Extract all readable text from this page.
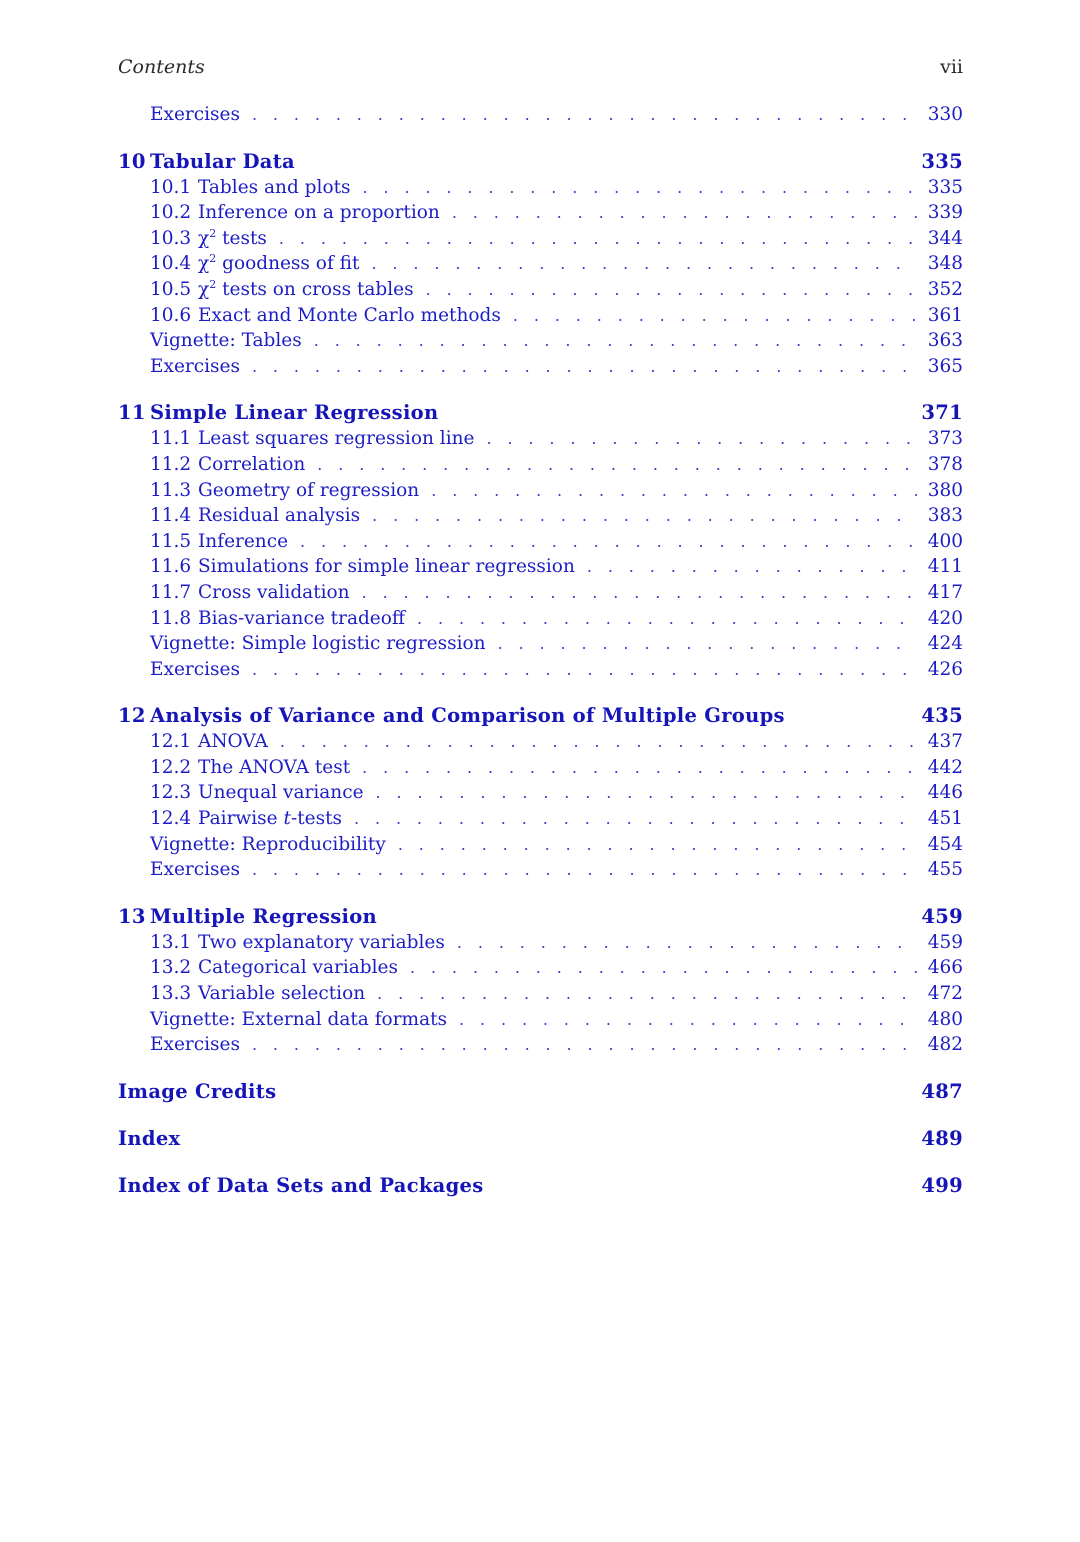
Contents	vii
Exercises . . .	330
10 Tabular Data	335
10.1 Tables and plots . . .	335
10.2 Inference on a proportion . . .	339
10.3 $\chi^2$ tests . . .	344
10.4 $\chi^2$ goodness of fit . . .	348
10.5 $\chi^2$ tests on cross tables . . .	352
10.6 Exact and Monte Carlo methods . . .	361
Vignette: Tables . . .	363
Exercises . . .	365
11 Simple Linear Regression	371
11.1 Least squares regression line . . .	373
11.2 Correlation . . .	378
11.3 Geometry of regression . . .	380
11.4 Residual analysis . . .	383
11.5 Inference . . .	400
11.6 Simulations for simple linear regression . . .	411
11.7 Cross validation . . .	417
11.8 Bias-variance tradeoff . . .	420
Vignette: Simple logistic regression . . .	424
Exercises . . .	426
12 Analysis of Variance and Comparison of Multiple Groups	435
12.1 ANOVA . . .	437
12.2 The ANOVA test . . .	442
12.3 Unequal variance . . .	446
12.4 Pairwise t-tests . . .	451
Vignette: Reproducibility . . .	454
Exercises . . .	455
13 Multiple Regression	459
13.1 Two explanatory variables . . .	459
13.2 Categorical variables . . .	466
13.3 Variable selection . . .	472
Vignette: External data formats . . .	480
Exercises . . .	482
Image Credits	487
Index	489
Index of Data Sets and Packages	499
